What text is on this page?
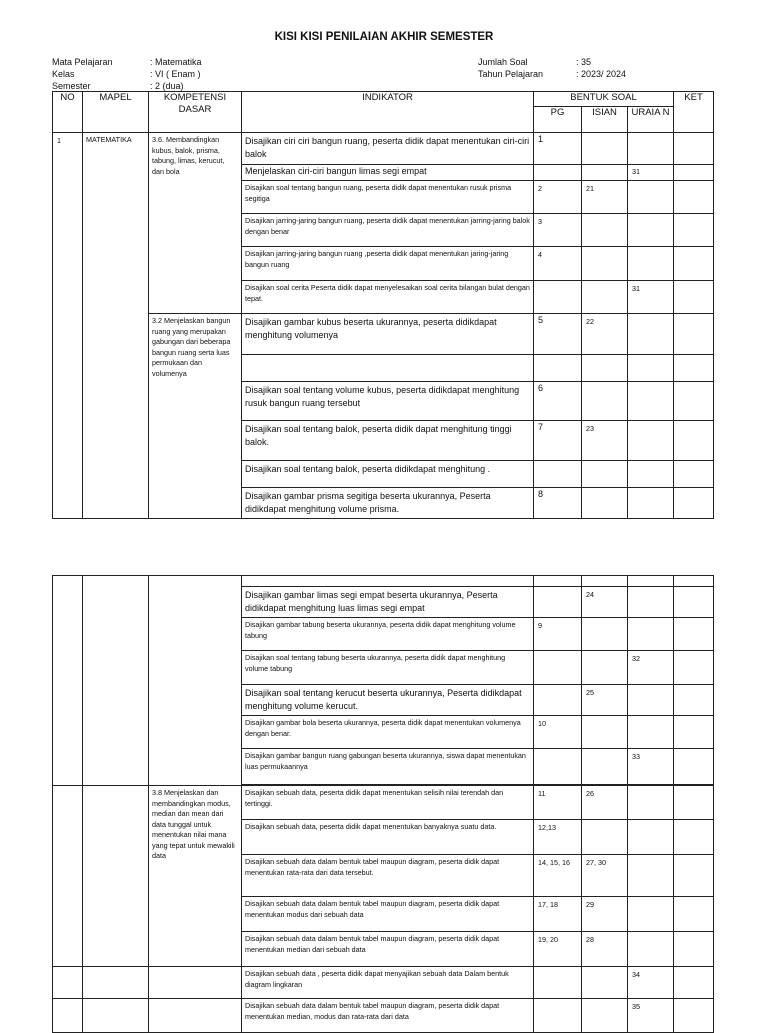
KISI KISI PENILAIAN AKHIR SEMESTER
Mata Pelajaran	: Matematika
Kelas	: VI ( Enam )
Semester	: 2 (dua)
Jumlah Soal	: 35
Tahun Pelajaran	: 2023/ 2024
NO	MAPEL	KOMPETENSI DASAR	INDIKATOR	BENTUK SOAL			KET
				PG	ISIAN	URAIA N	
1	MATEMATIKA	3.6. Membandingkan kubus, balok, prisma, tabung, limas, kerucut, dan bola	Disajikan ciri ciri bangun ruang, peserta didik dapat menentukan ciri-ciri balok	1			
			Menjelaskan ciri-ciri bangun limas segi empat			31	
			Disajikan soal tentang bangun ruang, peserta didik dapat menentukan rusuk prisma segitiga	2	21		
			Disajikan jarring-jaring bangun ruang, peserta didik dapat menentukan jarring-jaring balok dengan benar	3			
			Disajikan jarring-jaring bangun ruang ,peserta didik dapat menentukan jaring-jaring bangun ruang	4			
			Disajikan soal cerita Peserta didik dapat menyelesaikan soal cerita bilangan bulat dengan tepat.			31	
		3.2 Menjelaskan bangun ruang yang merupakan gabungan dari beberapa bangun ruang serta luas permukaan dan volumenya	Disajikan gambar kubus beserta ukurannya, peserta didikdapat menghitung volumenya	5	22		

			Disajikan soal tentang volume kubus, peserta didikdapat menghitung rusuk bangun ruang tersebut	6			
			Disajikan soal tentang balok, peserta didik dapat menghitung tinggi balok.	7	23		
			Disajikan soal tentang balok, peserta didikdapat menghitung .				
			Disajikan gambar prisma segitiga beserta ukurannya, Peserta didikdapat menghitung volume prisma.	8			

			Disajikan gambar limas segi empat beserta ukurannya, Peserta didikdapat menghitung luas limas segi empat		24		
			Disajikan gambar tabung beserta ukurannya, peserta didik dapat menghitung volume tabung	9			
			Disajikan soal tentang tabung beserta ukurannya, peserta didik dapat menghitung volume tabung			32	
			Disajikan soal tentang kerucut beserta ukurannya, Peserta didikdapat menghitung volume kerucut.		25		
			Disajikan gambar bola beserta ukurannya, peserta didik dapat menentukan volumenya dengan benar.	10			
			Disajikan gambar bangun ruang gabungan beserta ukurannya, siswa dapat menentukan luas permukaannya			33	

		3.8 Menjelaskan dan membandingkan modus, median dan mean dari data tunggal untuk menentukan nilai mana yang tepat untuk mewakili data	Disajikan sebuah data, peserta didik dapat menentukan selisih nilai terendah dan tertinggi.	11	26		
			Disajikan sebuah data, peserta didik dapat menentukan banyaknya suatu data.	12,13			
			Disajikan sebuah data dalam bentuk tabel maupun diagram, peserta didik dapat menentukan rata-rata dari data tersebut.	14, 15, 16	27, 30		
			Disajikan sebuah data dalam bentuk tabel maupun diagram, peserta didik dapat menentukan modus dari sebuah data	17, 18	29		
			Disajikan sebuah data dalam bentuk tabel maupun diagram, peserta didik dapat menentukan median dari sebuah data	19, 20	28		
			Disajikan sebuah data , peserta didik dapat menyajikan sebuah data Dalam bentuk diagram lingkaran			34	
			Disajikan sebuah data dalam bentuk tabel maupun diagram, peserta didik dapat menentukan median, modus dan rata-rata dari data			35	
